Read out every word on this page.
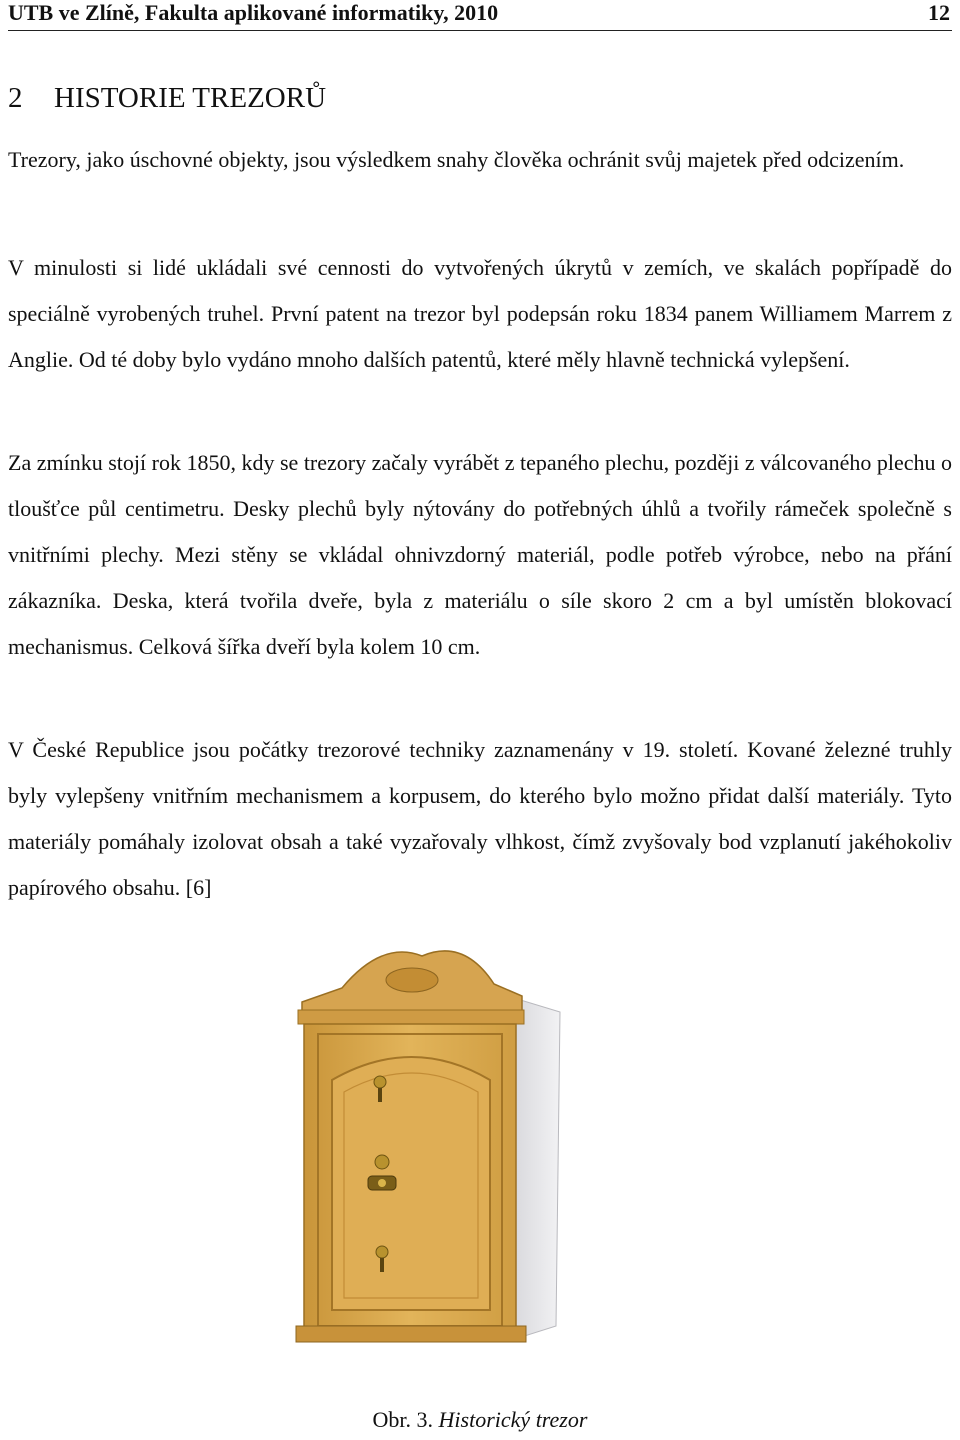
UTB ve Zlíně, Fakulta aplikované informatiky, 2010	12
2 HISTORIE TREZORŮ

Trezory, jako úschovné objekty, jsou výsledkem snahy člověka ochránit svůj majetek před odcizením.

V minulosti si lidé ukládali své cennosti do vytvořených úkrytů v zemích, ve skalách popřípadě do speciálně vyrobených truhel. První patent na trezor byl podepsán roku 1834 panem Williamem Marrem z Anglie. Od té doby bylo vydáno mnoho dalších patentů, které měly hlavně technická vylepšení.

Za zmínku stojí rok 1850, kdy se trezory začaly vyrábět z tepaného plechu, později z válcovaného plechu o tloušťce půl centimetru. Desky plechů byly nýtovány do potřebných úhlů a tvořily rámeček společně s vnitřními plechy. Mezi stěny se vkládal ohnivzdorný materiál, podle potřeb výrobce, nebo na přání zákazníka. Deska, která tvořila dveře, byla z materiálu o síle skoro 2 cm a byl umístěn blokovací mechanismus. Celková šířka dveří byla kolem 10 cm.

V České Republice jsou počátky trezorové techniky zaznamenány v 19. století. Kované železné truhly byly vylepšeny vnitřním mechanismem a korpusem, do kterého bylo možno přidat další materiály. Tyto materiály pomáhaly izolovat obsah a také vyzařovaly vlhkost, čímž zvyšovaly bod vzplanutí jakéhokoliv papírového obsahu. [6]

Obr. 3. Historický trezor
